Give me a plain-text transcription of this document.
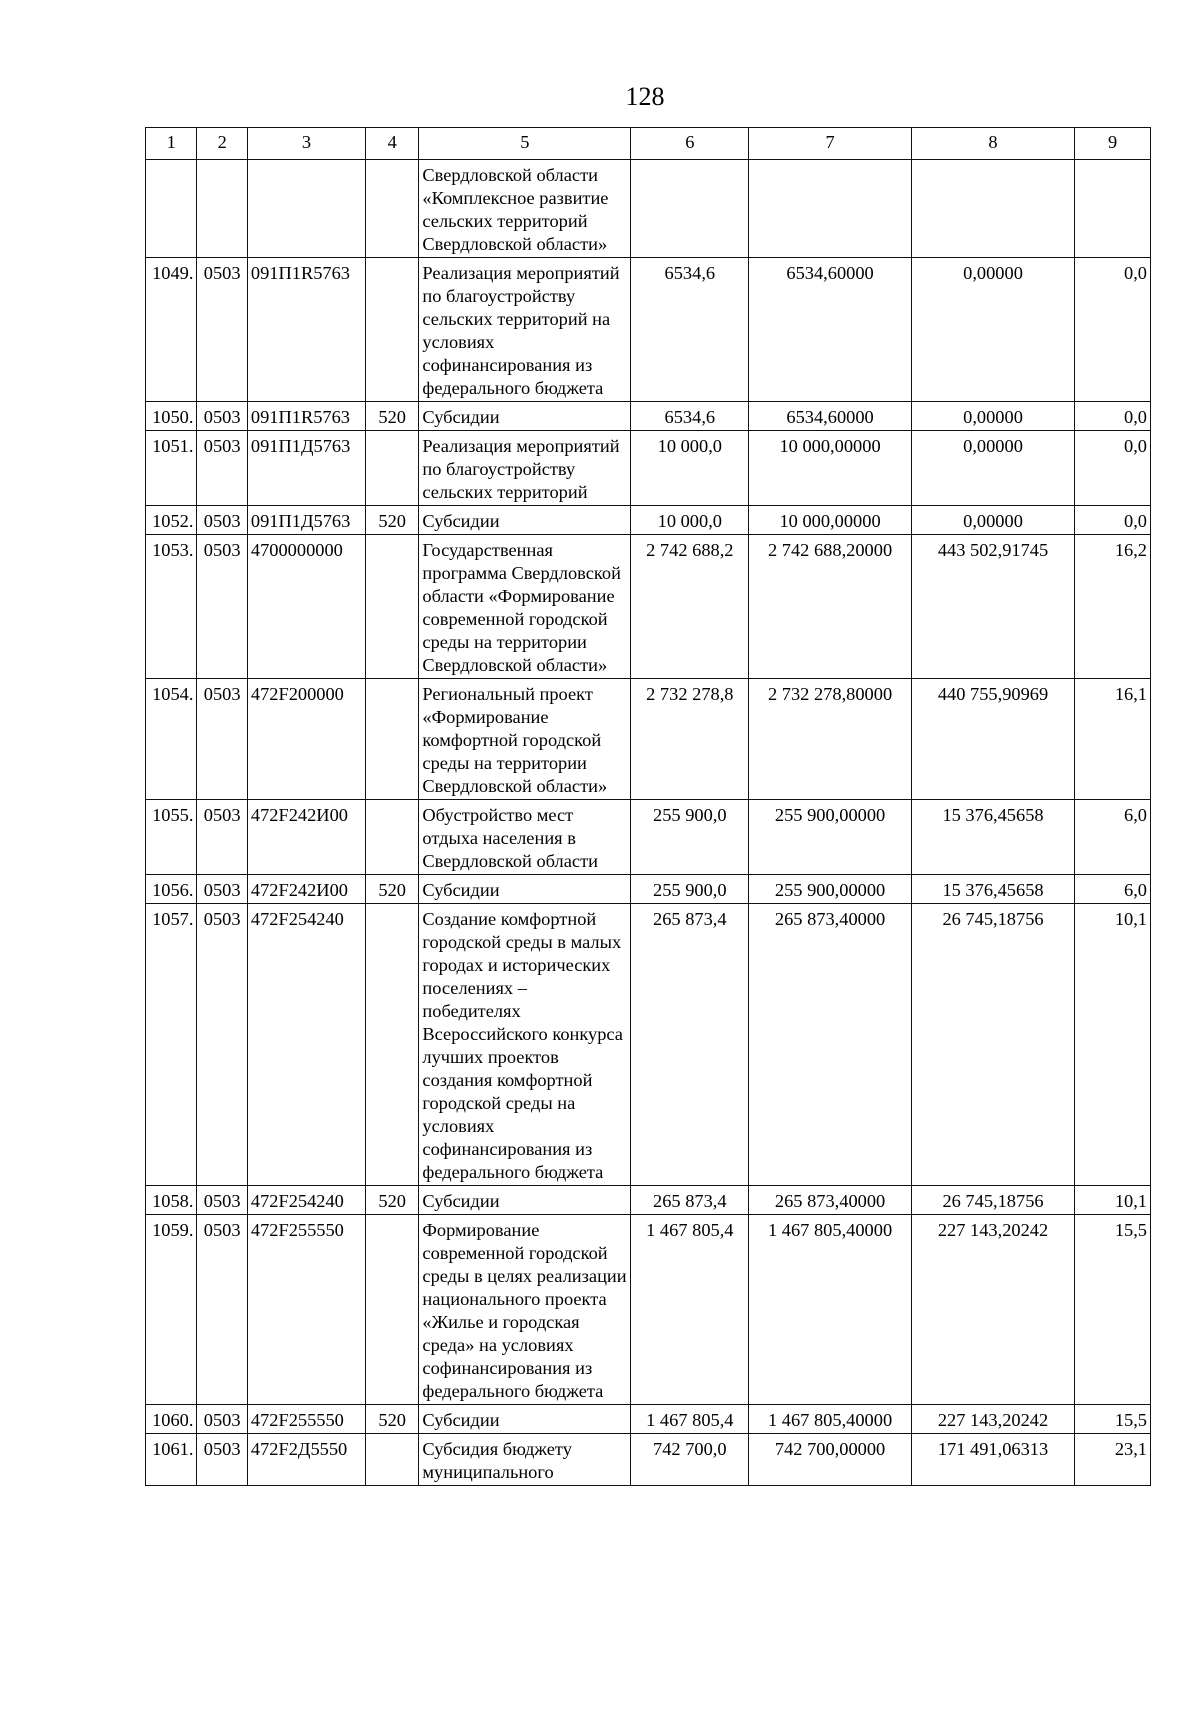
128
1	2	3	4	5	6	7	8	9
				Свердловской области «Комплексное развитие сельских территорий Свердловской области»				
1049.	0503	091П1R5763		Реализация мероприятий по благоустройству сельских территорий на условиях софинансирования из федерального бюджета	6534,6	6534,60000	0,00000	0,0
1050.	0503	091П1R5763	520	Субсидии	6534,6	6534,60000	0,00000	0,0
1051.	0503	091П1Д5763		Реализация мероприятий по благоустройству сельских территорий	10 000,0	10 000,00000	0,00000	0,0
1052.	0503	091П1Д5763	520	Субсидии	10 000,0	10 000,00000	0,00000	0,0
1053.	0503	4700000000		Государственная программа Свердловской области «Формирование современной городской среды на территории Свердловской области»	2 742 688,2	2 742 688,20000	443 502,91745	16,2
1054.	0503	472F200000		Региональный проект «Формирование комфортной городской среды на территории Свердловской области»	2 732 278,8	2 732 278,80000	440 755,90969	16,1
1055.	0503	472F242И00		Обустройство мест отдыха населения в Свердловской области	255 900,0	255 900,00000	15 376,45658	6,0
1056.	0503	472F242И00	520	Субсидии	255 900,0	255 900,00000	15 376,45658	6,0
1057.	0503	472F254240		Создание комфортной городской среды в малых городах и исторических поселениях – победителях Всероссийского конкурса лучших проектов создания комфортной городской среды на условиях софинансирования из федерального бюджета	265 873,4	265 873,40000	26 745,18756	10,1
1058.	0503	472F254240	520	Субсидии	265 873,4	265 873,40000	26 745,18756	10,1
1059.	0503	472F255550		Формирование современной городской среды в целях реализации национального проекта «Жилье и городская среда» на условиях софинансирования из федерального бюджета	1 467 805,4	1 467 805,40000	227 143,20242	15,5
1060.	0503	472F255550	520	Субсидии	1 467 805,4	1 467 805,40000	227 143,20242	15,5
1061.	0503	472F2Д5550		Субсидия бюджету муниципального	742 700,0	742 700,00000	171 491,06313	23,1
